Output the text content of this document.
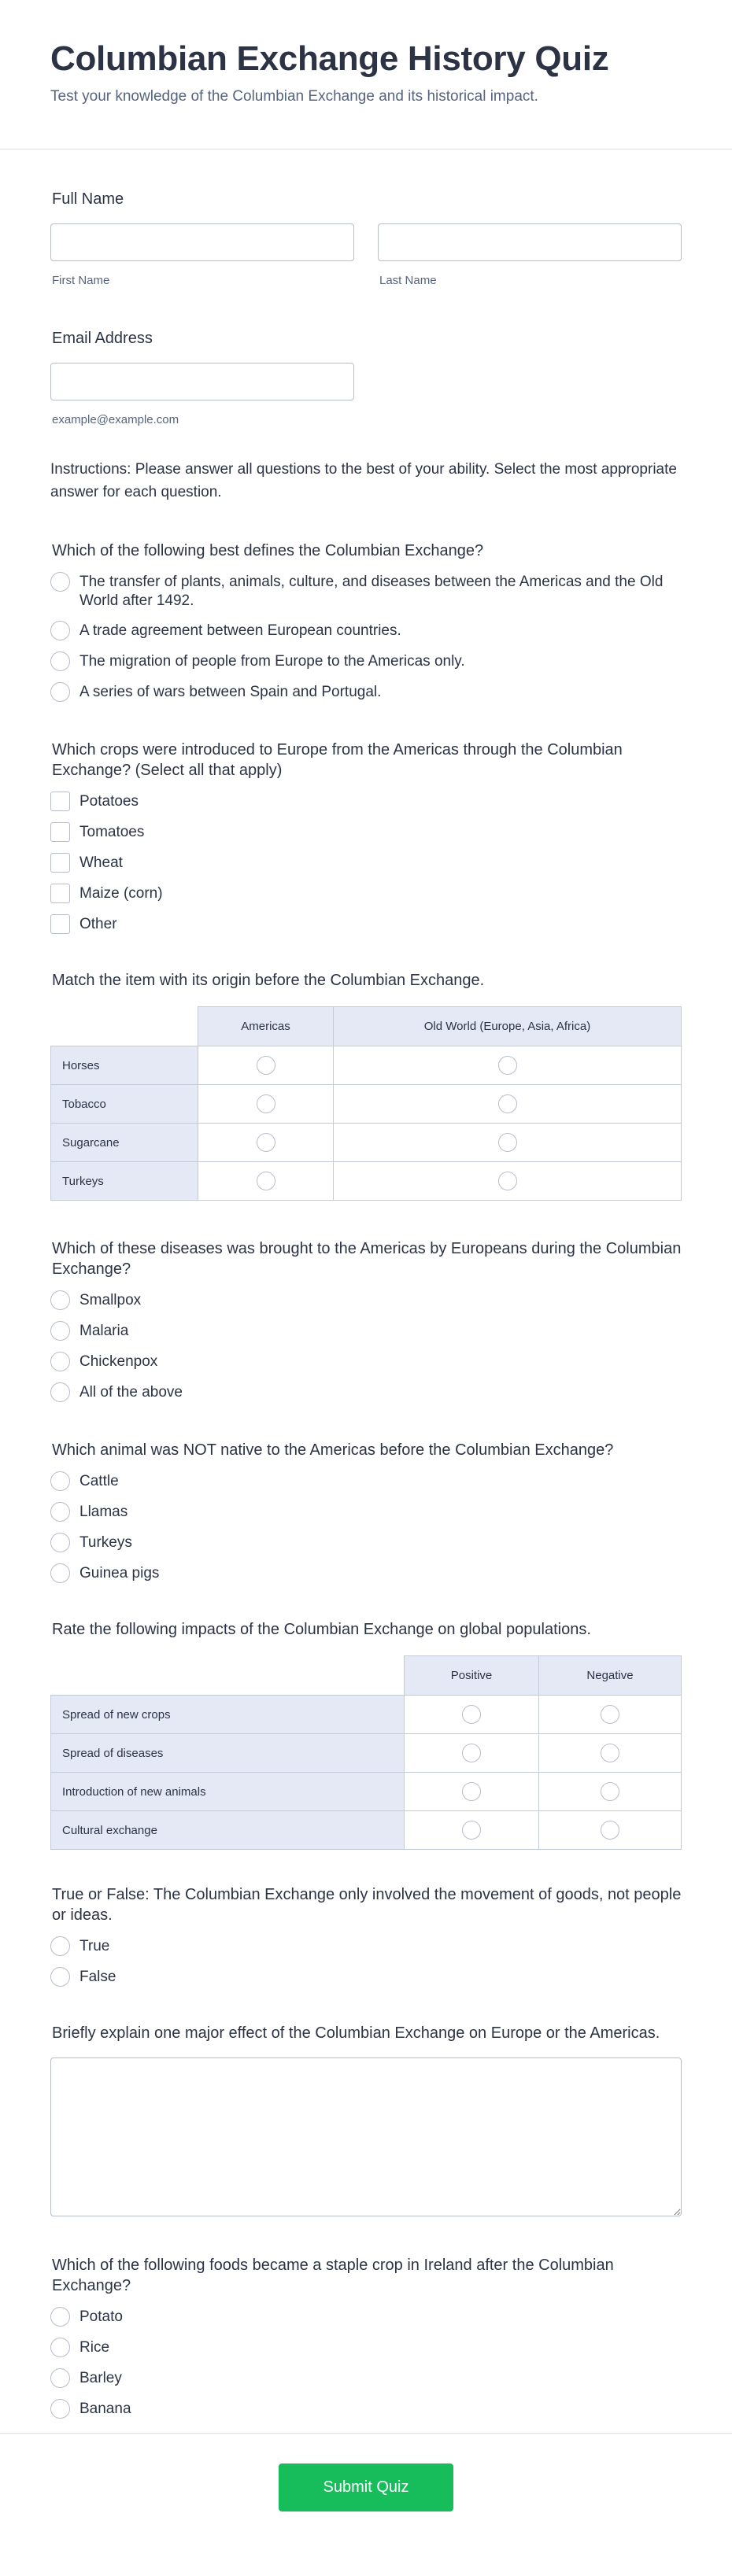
Columbian Exchange History Quiz
Test your knowledge of the Columbian Exchange and its historical impact.
Full Name
First Name	Last Name
Email Address
example@example.com
Instructions: Please answer all questions to the best of your ability. Select the most appropriate answer for each question.
Which of the following best defines the Columbian Exchange?
The transfer of plants, animals, culture, and diseases between the Americas and the Old World after 1492.
A trade agreement between European countries.
The migration of people from Europe to the Americas only.
A series of wars between Spain and Portugal.
Which crops were introduced to Europe from the Americas through the Columbian Exchange? (Select all that apply)
Potatoes
Tomatoes
Wheat
Maize (corn)
Other
Match the item with its origin before the Columbian Exchange.
	Americas	Old World (Europe, Asia, Africa)
Horses		
Tobacco		
Sugarcane		
Turkeys		
Which of these diseases was brought to the Americas by Europeans during the Columbian Exchange?
Smallpox
Malaria
Chickenpox
All of the above
Which animal was NOT native to the Americas before the Columbian Exchange?
Cattle
Llamas
Turkeys
Guinea pigs
Rate the following impacts of the Columbian Exchange on global populations.
	Positive	Negative
Spread of new crops		
Spread of diseases		
Introduction of new animals		
Cultural exchange		
True or False: The Columbian Exchange only involved the movement of goods, not people or ideas.
True
False
Briefly explain one major effect of the Columbian Exchange on Europe or the Americas.
Which of the following foods became a staple crop in Ireland after the Columbian Exchange?
Potato
Rice
Barley
Banana
Submit Quiz
